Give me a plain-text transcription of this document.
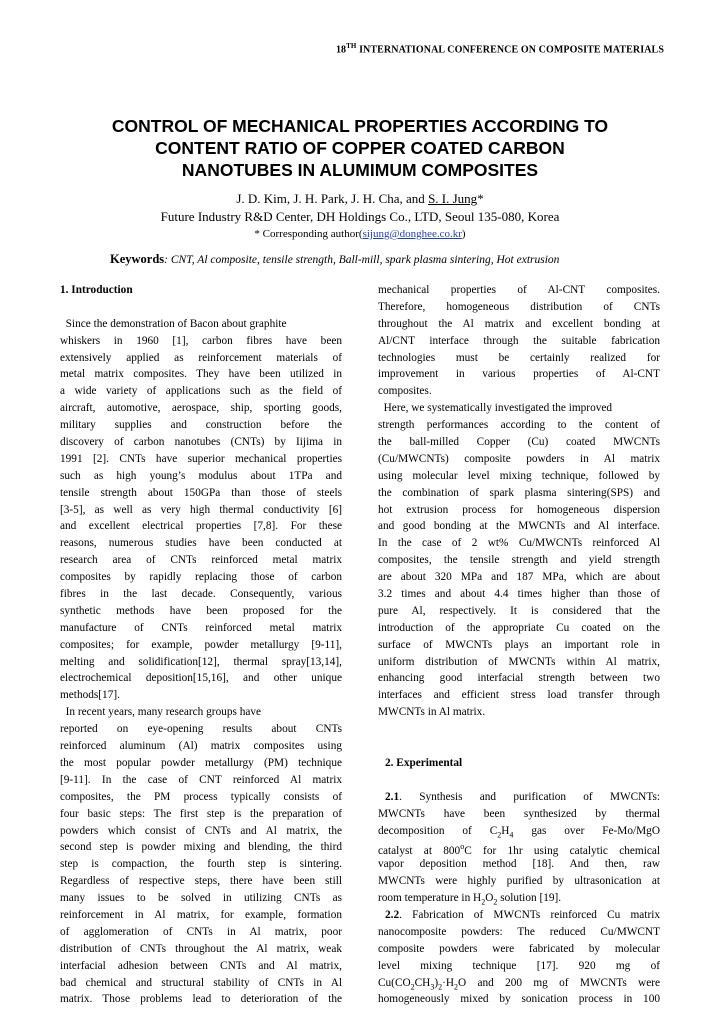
18TH INTERNATIONAL CONFERENCE ON COMPOSITE MATERIALS
CONTROL OF MECHANICAL PROPERTIES ACCORDING TO
CONTENT RATIO OF COPPER COATED CARBON
NANOTUBES IN ALUMIMUM COMPOSITES
J. D. Kim, J. H. Park, J. H. Cha, and S. I. Jung*
Future Industry R&D Center, DH Holdings Co., LTD, Seoul 135-080, Korea
* Corresponding author(sijung@donghee.co.kr)
Keywords: CNT, Al composite, tensile strength, Ball-mill, spark plasma sintering, Hot extrusion
1. Introduction
Since the demonstration of Bacon about graphite
whiskers in 1960 [1], carbon fibres have been
extensively applied as reinforcement materials of
metal matrix composites. They have been utilized in
a wide variety of applications such as the field of
aircraft, automotive, aerospace, ship, sporting goods,
military supplies and construction before the
discovery of carbon nanotubes (CNTs) by Iijima in
1991 [2]. CNTs have superior mechanical properties
such as high young’s modulus about 1TPa and
tensile strength about 150GPa than those of steels
[3-5], as well as very high thermal conductivity [6]
and excellent electrical properties [7,8]. For these
reasons, numerous studies have been conducted at
research area of CNTs reinforced metal matrix
composites by rapidly replacing those of carbon
fibres in the last decade. Consequently, various
synthetic methods have been proposed for the
manufacture of CNTs reinforced metal matrix
composites; for example, powder metallurgy [9-11],
melting and solidification[12], thermal spray[13,14],
electrochemical deposition[15,16], and other unique
methods[17].
In recent years, many research groups have
reported on eye-opening results about CNTs
reinforced aluminum (Al) matrix composites using
the most popular powder metallurgy (PM) technique
[9-11]. In the case of CNT reinforced Al matrix
composites, the PM process typically consists of
four basic steps: The first step is the preparation of
powders which consist of CNTs and Al matrix, the
second step is powder mixing and blending, the third
step is compaction, the fourth step is sintering.
Regardless of respective steps, there have been still
many issues to be solved in utilizing CNTs as
reinforcement in Al matrix, for example, formation
of agglomeration of CNTs in Al matrix, poor
distribution of CNTs throughout the Al matrix, weak
interfacial adhesion between CNTs and Al matrix,
bad chemical and structural stability of CNTs in Al
matrix. Those problems lead to deterioration of the
mechanical properties of Al-CNT composites.
Therefore, homogeneous distribution of CNTs
throughout the Al matrix and excellent bonding at
Al/CNT interface through the suitable fabrication
technologies must be certainly realized for
improvement in various properties of Al-CNT
composites.
Here, we systematically investigated the improved
strength performances according to the content of
the ball-milled Copper (Cu) coated MWCNTs
(Cu/MWCNTs) composite powders in Al matrix
using molecular level mixing technique, followed by
the combination of spark plasma sintering(SPS) and
hot extrusion process for homogeneous dispersion
and good bonding at the MWCNTs and Al interface.
In the case of 2 wt% Cu/MWCNTs reinforced Al
composites, the tensile strength and yield strength
are about 320 MPa and 187 MPa, which are about
3.2 times and about 4.4 times higher than those of
pure Al, respectively. It is considered that the
introduction of the appropriate Cu coated on the
surface of MWCNTs plays an important role in
uniform distribution of MWCNTs within Al matrix,
enhancing good interfacial strength between two
interfaces and efficient stress load transfer through
MWCNTs in Al matrix.
2. Experimental
2.1. Synthesis and purification of MWCNTs:
MWCNTs have been synthesized by thermal
decomposition of $C_2H_4$ gas over Fe-Mo/MgO
catalyst at 800$^o$C for 1hr using catalytic chemical
vapor deposition method [18]. And then, raw
MWCNTs were highly purified by ultrasonication at
room temperature in $H_2O_2$ solution [19].
2.2. Fabrication of MWCNTs reinforced Cu matrix
nanocomposite powders: The reduced Cu/MWCNT
composite powders were fabricated by molecular
level mixing technique [17]. 920 mg of
$Cu(CO_2CH_3)_2\cdot H_2O$ and 200 mg of MWCNTs were
homogeneously mixed by sonication process in 100
